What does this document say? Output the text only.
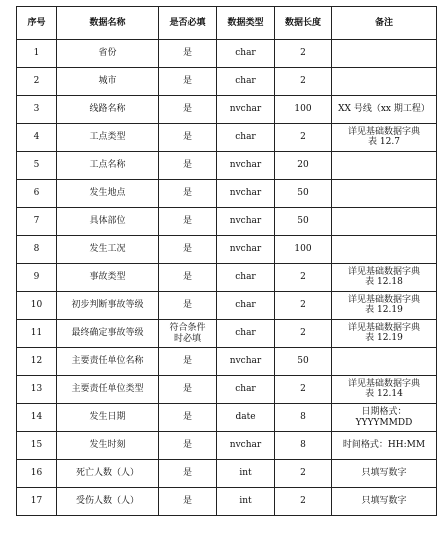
序号	数据名称	是否必填	数据类型	数据长度	备注
1	省份	是	char	2	
2	城市	是	char	2	
3	线路名称	是	nvchar	100	XX 号线（xx 期工程）

4	工点类型	是	char	2	详见基础数据字典
表 12.7

5	工点名称	是	nvchar	20	
6	发生地点	是	nvchar	50	
7	具体部位	是	nvchar	50	
8	发生工况	是	nvchar	100	
9	事故类型	是	char	2	详见基础数据字典
表 12.18

10	初步判断事故等级	是	char	2	详见基础数据字典
表 12.19

11	最终确定事故等级	符合条件
时必填	char	2	详见基础数据字典
表 12.19

12	主要责任单位名称	是	nvchar	50	
13	主要责任单位类型	是	char	2	详见基础数据字典
表 12.14

14	发生日期	是	date	8	日期格式：YYYYMMDD

15	发生时刻	是	nvchar	8	时间格式：HH:MM

16	死亡人数（人）	是	int	2	只填写数字

17	受伤人数（人）	是	int	2	只填写数字
